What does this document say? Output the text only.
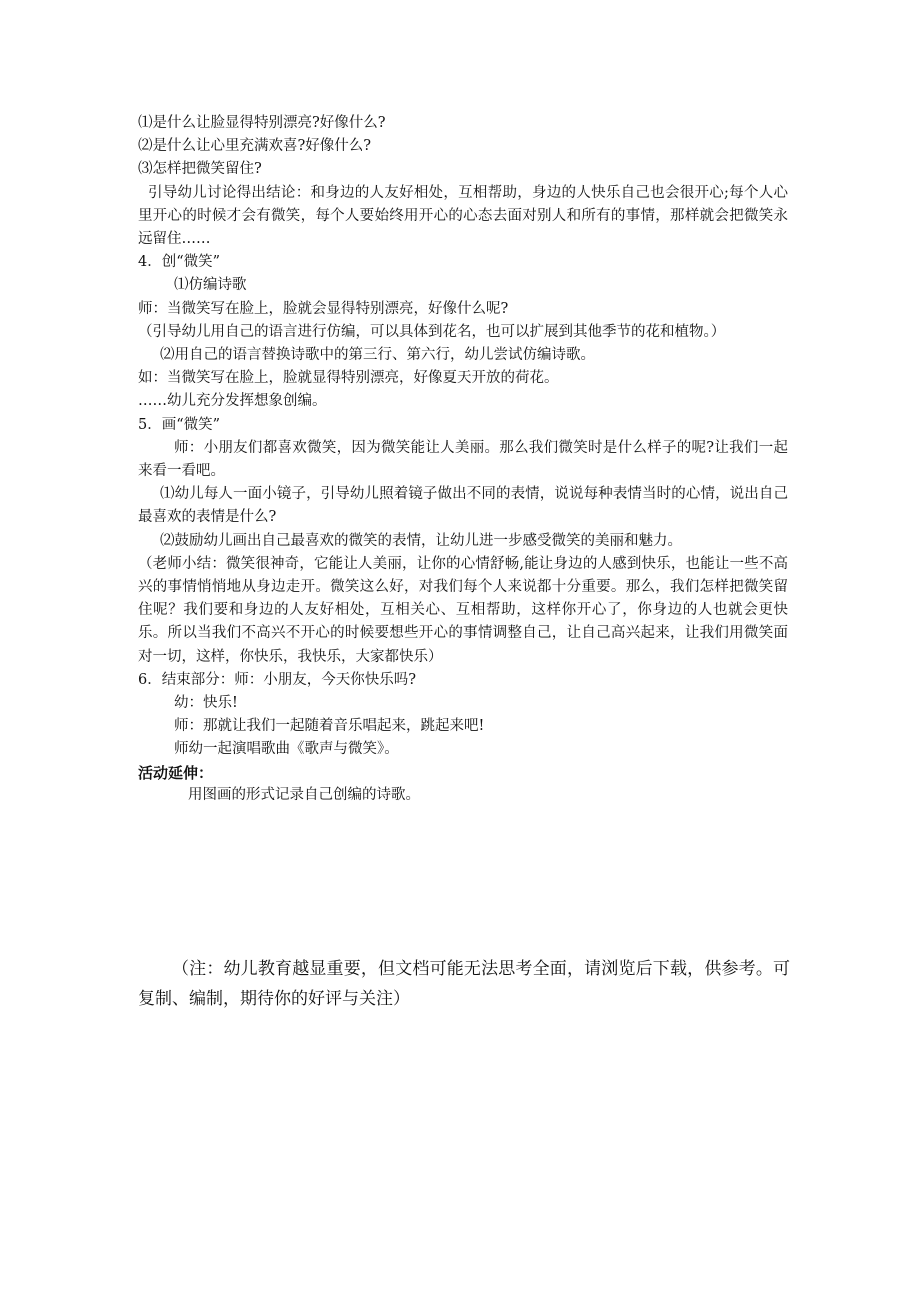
⑴是什么让脸显得特别漂亮?好像什么?

⑵是什么让心里充满欢喜?好像什么?

⑶怎样把微笑留住?

引导幼儿讨论得出结论：和身边的人友好相处，互相帮助，身边的人快乐自己也会很开心;每个人心里开心的时候才会有微笑，每个人要始终用开心的心态去面对别人和所有的事情，那样就会把微笑永远留住……

4．创“微笑”

⑴仿编诗歌

师：当微笑写在脸上，脸就会显得特别漂亮，好像什么呢?

（引导幼儿用自己的语言进行仿编，可以具体到花名，也可以扩展到其他季节的花和植物。）

⑵用自己的语言替换诗歌中的第三行、第六行，幼儿尝试仿编诗歌。

如：当微笑写在脸上，脸就显得特别漂亮，好像夏天开放的荷花。

……幼儿充分发挥想象创编。

5．画“微笑”

师：小朋友们都喜欢微笑，因为微笑能让人美丽。那么我们微笑时是什么样子的呢?让我们一起来看一看吧。

⑴幼儿每人一面小镜子，引导幼儿照着镜子做出不同的表情，说说每种表情当时的心情，说出自己最喜欢的表情是什么?

⑵鼓励幼儿画出自己最喜欢的微笑的表情，让幼儿进一步感受微笑的美丽和魅力。

（老师小结：微笑很神奇，它能让人美丽，让你的心情舒畅,能让身边的人感到快乐，也能让一些不高兴的事情悄悄地从身边走开。微笑这么好，对我们每个人来说都十分重要。那么，我们怎样把微笑留住呢？我们要和身边的人友好相处，互相关心、互相帮助，这样你开心了，你身边的人也就会更快乐。所以当我们不高兴不开心的时候要想些开心的事情调整自己，让自己高兴起来，让我们用微笑面对一切，这样，你快乐，我快乐，大家都快乐）

6．结束部分：师：小朋友，今天你快乐吗?

幼：快乐!

师：那就让我们一起随着音乐唱起来，跳起来吧!

师幼一起演唱歌曲《歌声与微笑》。

活动延伸：

用图画的形式记录自己创编的诗歌。

（注：幼儿教育越显重要，但文档可能无法思考全面，请浏览后下载，供参考。可复制、编制，期待你的好评与关注）
